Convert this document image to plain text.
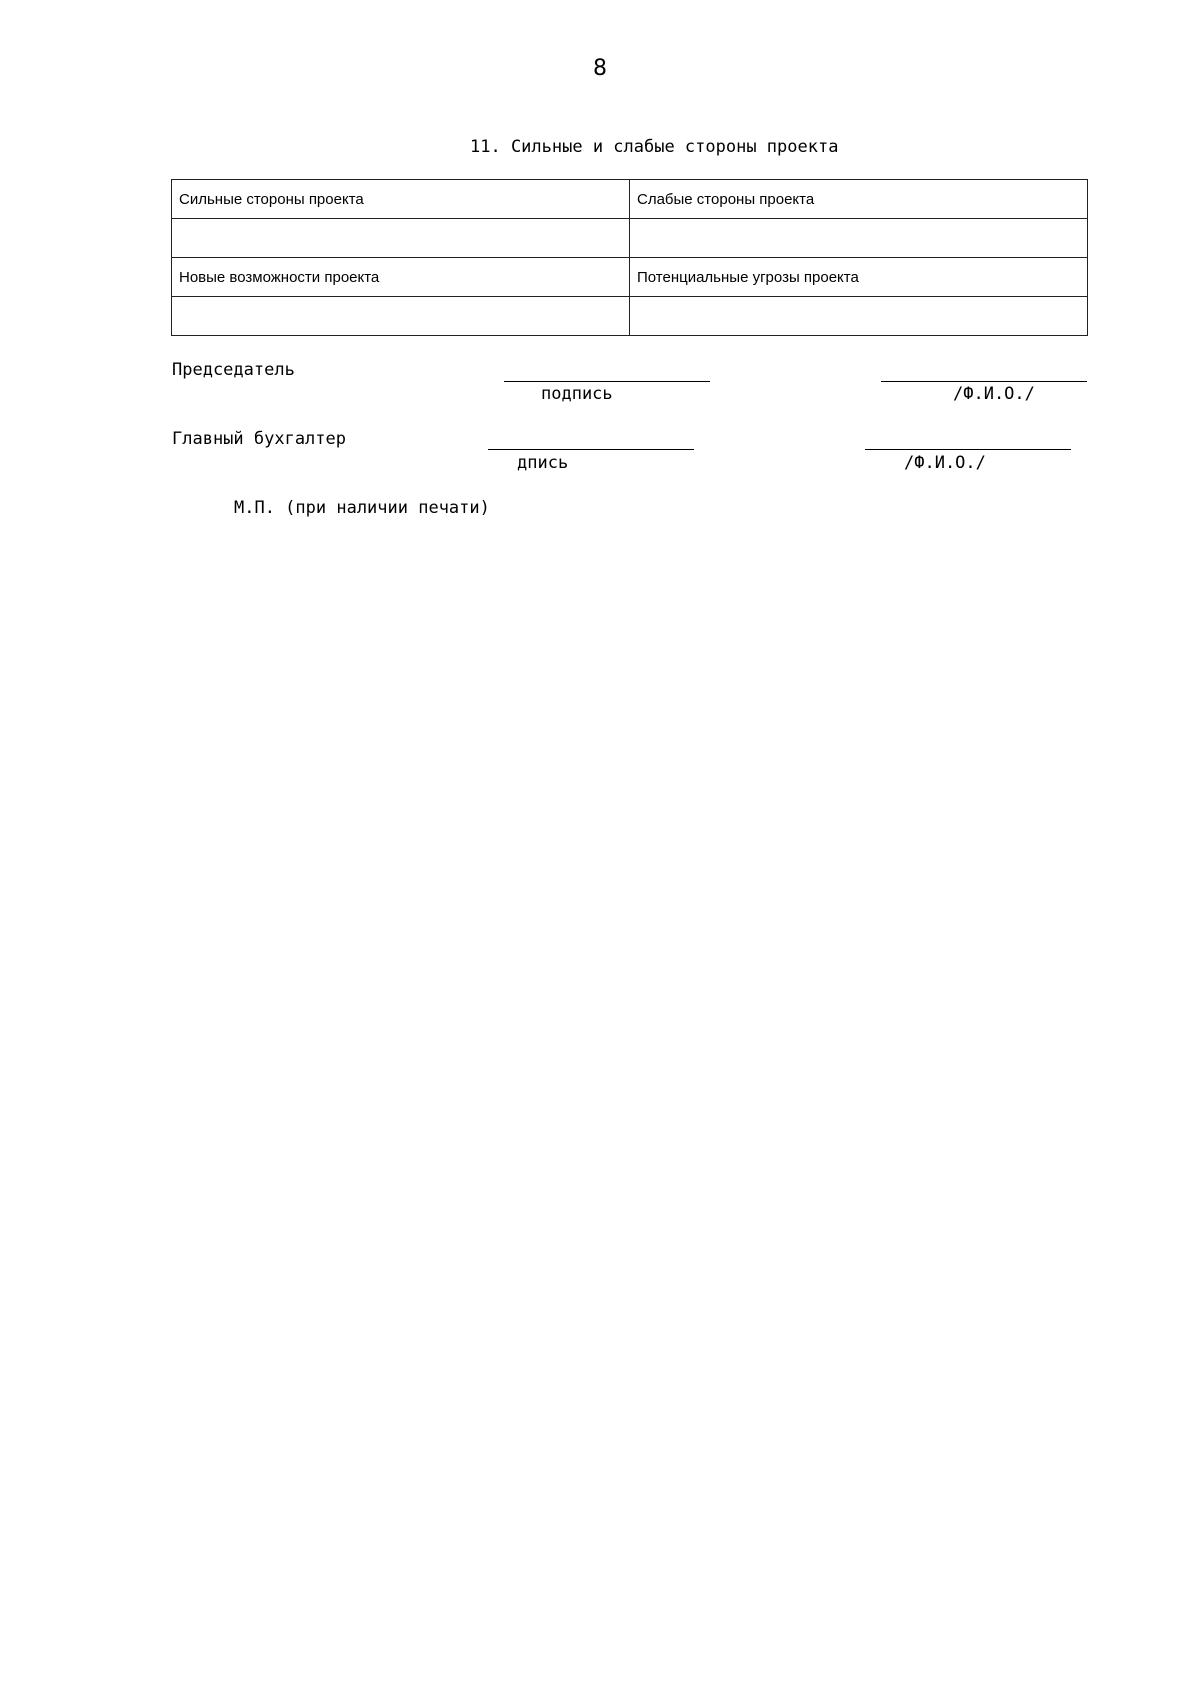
8
11. Сильные и слабые стороны проекта
Сильные стороны проекта	Слабые стороны проекта

Новые возможности проекта	Потенциальные угрозы проекта

Председатель
подпись	/Ф.И.О./
Главный бухгалтер
дпись	/Ф.И.О./
М.П. (при наличии печати)
